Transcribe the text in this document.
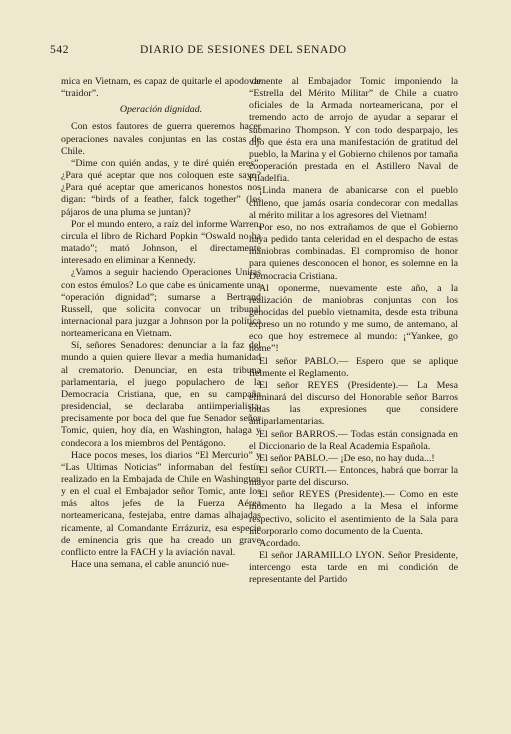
542	DIARIO DE SESIONES DEL SENADO

mica en Vietnam, es capaz de quitarle el apodo de “traidor”.

Operación dignidad.

Con estos fautores de guerra queremos hacer operaciones navales conjuntas en las costas de Chile.

“Dime con quién andas, y te diré quién eres”. ¿Para qué aceptar que nos coloquen este sayo? ¿Para qué aceptar que americanos honestos nos digan: “birds of a feather, falck together” (los pájaros de una pluma se juntan)?

Por el mundo entero, a raíz del informe Warren, circula el libro de Richard Popkin “Oswald no ha matado”; mató Johnson, el directamente interesado en eliminar a Kennedy.

¿Vamos a seguir haciendo Operaciones Unitas con estos émulos? Lo que cabe es únicamente una “operación dignidad”; sumarse a Bertrand Russell, que solicita convocar un tribunal internacional para juzgar a Johnson por la política norteamericana en Vietnam.

Sí, señores Senadores: denunciar a la faz del mundo a quien quiere llevar a media humanidad al crematorio. Denunciar, en esta tribuna parlamentaria, el juego populachero de la Democracia Cristiana, que, en su campaña presidencial, se declaraba antiimperialista, precisamente por boca del que fue Senador señor Tomic, quien, hoy día, en Washington, halaga y condecora a los miembros del Pentágono.

Hace pocos meses, los diarios “El Mercurio” y “Las Ultimas Noticias” informaban del festín realizado en la Embajada de Chile en Washington y en el cual el Embajador señor Tomic, ante los más altos jefes de la Fuerza Aérea norteamericana, festejaba, entre damas alhajadas ricamente, al Comandante Errázuriz, esa especie de eminencia gris que ha creado un grave conflicto entre la FACH y la aviación naval.

Hace una semana, el cable anunció nue-

vamente al Embajador Tomic imponiendo la “Estrella del Mérito Militar” de Chile a cuatro oficiales de la Armada norteamericana, por el tremendo acto de arrojo de ayudar a separar el submarino Thompson. Y con todo desparpajo, les dijo que ésta era una manifestación de gratitud del pueblo, la Marina y el Gobierno chilenos por tamaña cooperación prestada en el Astillero Naval de Filadelfia.

¡Linda manera de abanicarse con el pueblo chileno, que jamás osaría condecorar con medallas al mérito militar a los agresores del Vietnam!

Por eso, no nos extrañamos de que el Gobierno haya pedido tanta celeridad en el despacho de estas maniobras combinadas. El compromiso de honor para quienes desconocen el honor, es solemne en la Democracia Cristiana.

Al oponerme, nuevamente este año, a la realización de maniobras conjuntas con los genocidas del pueblo vietnamita, desde esta tribuna expreso un no rotundo y me sumo, de antemano, al eco que hoy estremece al mundo: ¡“Yankee, go home”!

El señor PABLO.— Espero que se aplique fielmente el Reglamento.

El señor REYES (Presidente).— La Mesa eliminará del discurso del Honorable señor Barros todas las expresiones que considere antiparlamentarias.

El señor BARROS.— Todas están consignada en el Diccionario de la Real Academia Española.

El señor PABLO.— ¡De eso, no hay duda...!

El señor CURTI.— Entonces, habrá que borrar la mayor parte del discurso.

El señor REYES (Presidente).— Como en este momento ha llegado a la Mesa el informe respectivo, solicito el asentimiento de la Sala para incorporarlo como documento de la Cuenta.

Acordado.

El señor JARAMILLO LYON. Señor Presidente, intercengo esta tarde en mi condición de representante del Partido
